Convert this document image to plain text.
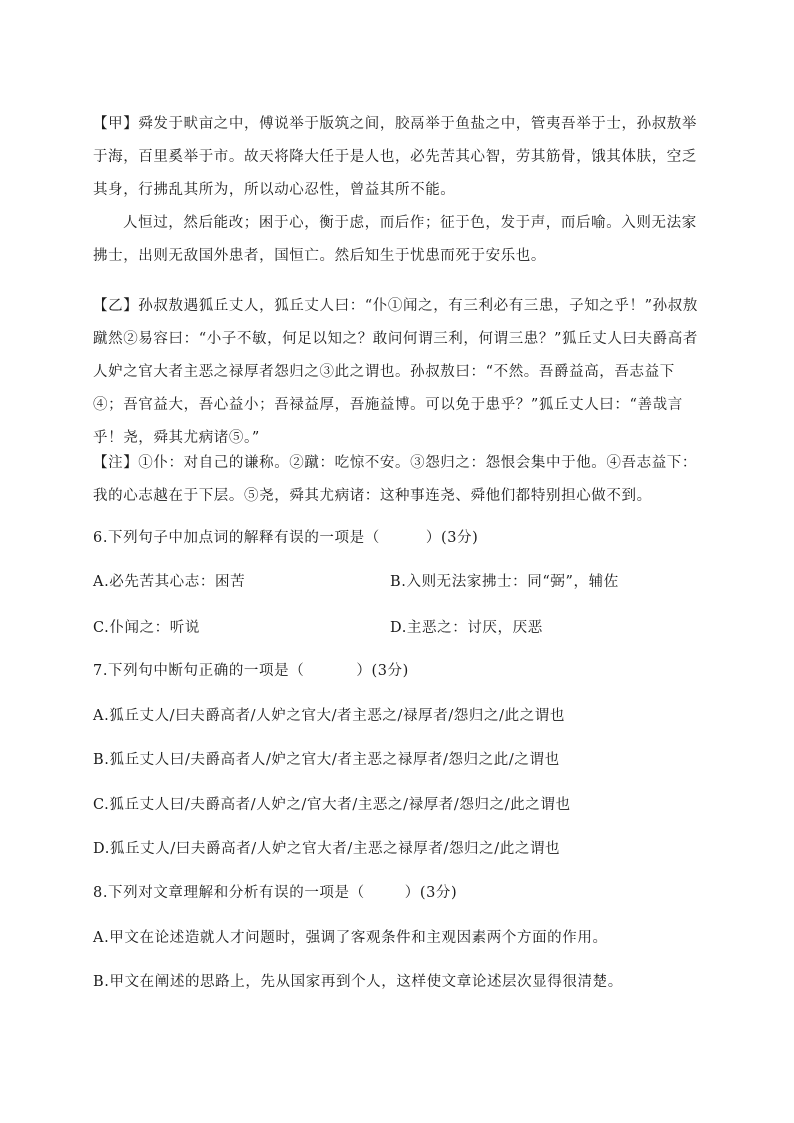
【甲】舜发于畎亩之中，傅说举于版筑之间，胶鬲举于鱼盐之中，管夷吾举于士，孙叔敖举于海，百里奚举于市。故天将降大任于是人也，必先苦其心智，劳其筋骨，饿其体肤，空乏其身，行拂乱其所为，所以动心忍性，曾益其所不能。

人恒过，然后能改；困于心，衡于虑，而后作；征于色，发于声，而后喻。入则无法家拂士，出则无敌国外患者，国恒亡。然后知生于忧患而死于安乐也。

【乙】孙叔敖遇狐丘丈人，狐丘丈人曰：“仆①闻之，有三利必有三患，子知之乎！”孙叔敖蹴然②易容曰：“小子不敏，何足以知之？敢问何谓三利，何谓三患？”狐丘丈人曰夫爵高者人妒之官大者主恶之禄厚者怨归之③此之谓也。孙叔敖曰：“不然。吾爵益高，吾志益下④；吾官益大，吾心益小；吾禄益厚，吾施益博。可以免于患乎？”狐丘丈人曰：“善哉言乎！尧，舜其尤病诸⑤。”

【注】①仆：对自己的谦称。②蹴：吃惊不安。③怨归之：怨恨会集中于他。④吾志益下：我的心志越在于下层。⑤尧，舜其尤病诸：这种事连尧、舜他们都特别担心做不到。

6.下列句子中加点词的解释有误的一项是（	）(3分)
A.必先苦其心志：困苦	B.入则无法家拂士：同“弼”，辅佐
C.仆闻之：听说	D.主恶之：讨厌，厌恶
7.下列句中断句正确的一项是（	）(3分)
A.狐丘丈人/曰夫爵高者/人妒之官大/者主恶之/禄厚者/怨归之/此之谓也
B.狐丘丈人曰/夫爵高者人/妒之官大/者主恶之禄厚者/怨归之此/之谓也
C.狐丘丈人曰/夫爵高者/人妒之/官大者/主恶之/禄厚者/怨归之/此之谓也
D.狐丘丈人/曰夫爵高者/人妒之官大者/主恶之禄厚者/怨归之/此之谓也
8.下列对文章理解和分析有误的一项是（	）(3分)
A.甲文在论述造就人才问题时，强调了客观条件和主观因素两个方面的作用。
B.甲文在阐述的思路上，先从国家再到个人，这样使文章论述层次显得很清楚。
